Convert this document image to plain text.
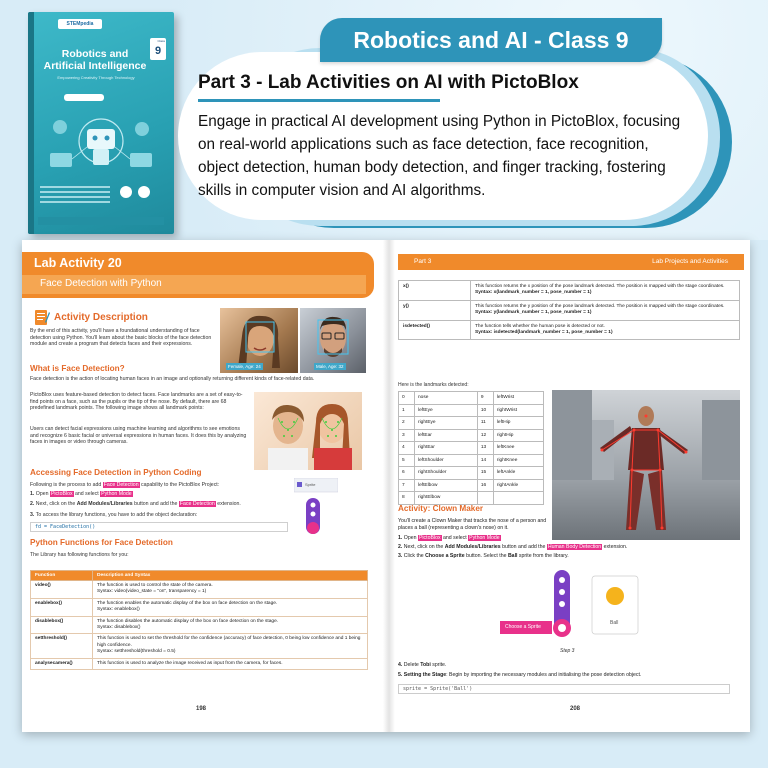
STEMpedia
9
Class
Robotics and Artificial Intelligence
Empowering Creativity Through Technology
Robotics and AI - Class 9
Part 3 - Lab Activities on AI with PictoBlox
Engage in practical AI development using Python in PictoBlox, focusing on real-world applications such as face detection, face recognition, object detection, human body detection, and finger tracking, fostering skills in computer vision and AI algorithms.
Lab Activity 20
Face Detection with Python
Activity Description
By the end of this activity, you'll have a foundational understanding of face detection using Python. You'll learn about the basic blocks of the face detection module and create a program that detects faces and their expressions.
Female, Age: 24	Male, Age: 32
What is Face Detection?
Face detection is the action of locating human faces in an image and optionally returning different kinds of face-related data.
PictoBlox uses feature-based detection to detect faces. Face landmarks are a set of easy-to-find points on a face, such as the pupils or the tip of the nose. By default, there are 68 predefined landmark points. The following image shows all landmark points:
Users can detect facial expressions using machine learning and algorithms to see emotions and recognize 6 basic facial or universal expressions in human faces. It does this by analyzing faces in images or video through cameras.
Accessing Face Detection in Python Coding
Following is the process to add Face Detection capability to the PictoBlox Project:
1. Open PictoBlox and select Python Mode
2. Next, click on the Add Modules/Libraries button and add the Face Detection extension.
3. To access the library functions, you have to add the object declaration:
fd = FaceDetection()
Sprite
Python Functions for Face Detection
The Library has following functions for you:
Function	Description and Syntax
video()	The function is used to control the state of the camera.
Syntax: video(video_state = "on", transparency = 1)

enablebox()	The function enables the automatic display of the box on face detection on the stage.
Syntax: enablebox()

disablebox()	The function disables the automatic display of the box on face detection on the stage.
Syntax: disablebox()

setthreshold()	This function is used to set the threshold for the confidence (accuracy) of face detection, 0 being low confidence and 1 being high confidence.
Syntax: setthreshold(threshold = 0.5)

analysecamera()	This function is used to analyze the image received as input from the camera, for faces.
198
Part 3	Lab Projects and Activities
x()	This function returns the x position of the pose landmark detected. The position is mapped with the stage coordinates.
Syntax: x(landmark_number = 1, pose_number = 1)

y()	This function returns the y position of the pose landmark detected. The position is mapped with the stage coordinates.
Syntax: y(landmark_number = 1, pose_number = 1)

isdetected()	The function tells whether the human pose is detected or not.
Syntax: isdetected(landmark_number = 1, pose_number = 1)
Here is the landmarks detected:
0	nose	9	leftWrist
1	leftEye	10	rightWrist
2	rightEye	11	leftHip
3	leftEar	12	rightHip
4	rightEar	13	leftKnee
5	leftShoulder	14	rightKnee
6	rightShoulder	15	leftAnkle
7	leftElbow	16	rightAnkle
8	rightElbow		
Activity: Clown Maker
You'll create a Clown Maker that tracks the nose of a person and places a ball (representing a clown's nose) on it.
1. Open PictoBlox and select Python Mode
2. Next, click on the Add Modules/Libraries button and add the Human Body Detection extension.
3. Click the Choose a Sprite button. Select the Ball sprite from the library.
Choose a Sprite
Ball
Step 3
4. Delete Tobi sprite.
5. Setting the Stage: Begin by importing the necessary modules and initialising the pose detection object.
sprite = Sprite('Ball')
208
